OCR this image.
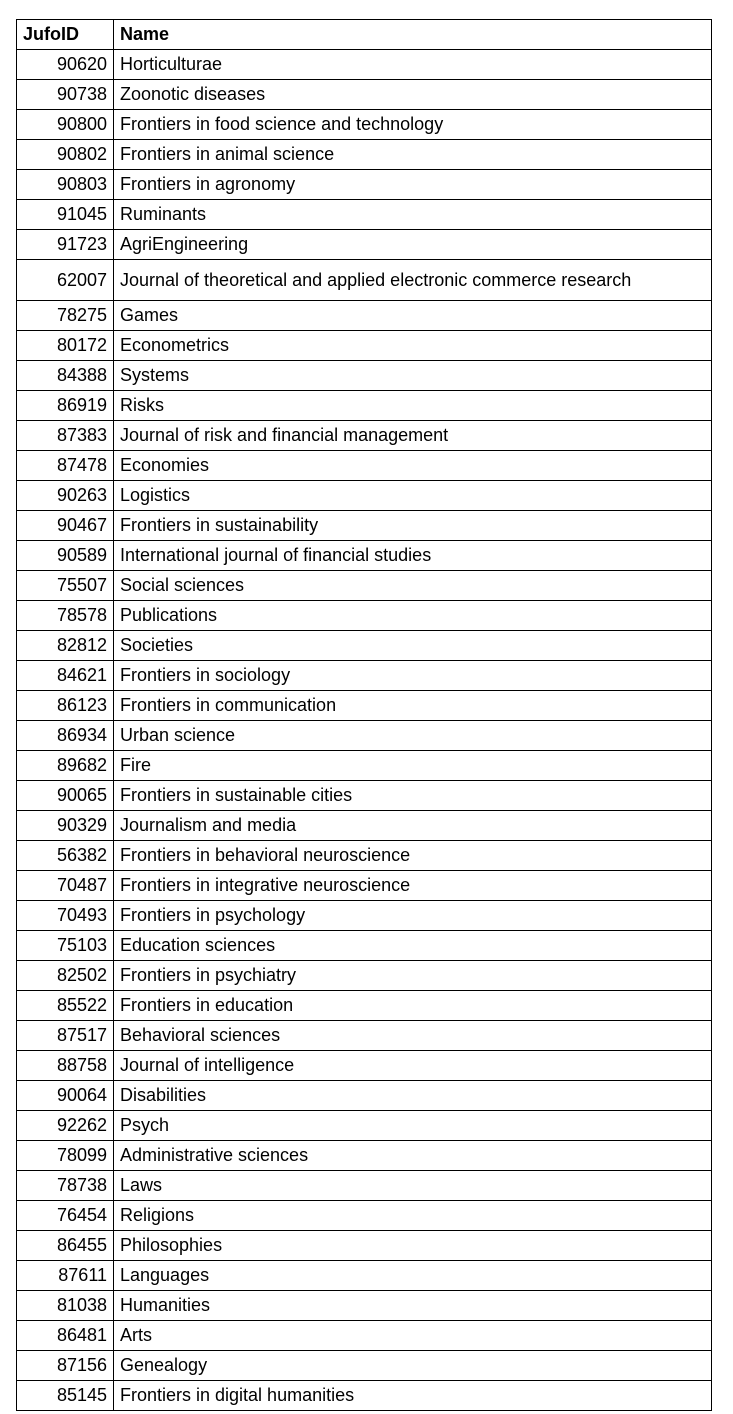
JufoID	Name
90620	Horticulturae
90738	Zoonotic diseases
90800	Frontiers in food science and technology
90802	Frontiers in animal science
90803	Frontiers in agronomy
91045	Ruminants
91723	AgriEngineering
62007	Journal of theoretical and applied electronic commerce research
78275	Games
80172	Econometrics
84388	Systems
86919	Risks
87383	Journal of risk and financial management
87478	Economies
90263	Logistics
90467	Frontiers in sustainability
90589	International journal of financial studies
75507	Social sciences
78578	Publications
82812	Societies
84621	Frontiers in sociology
86123	Frontiers in communication
86934	Urban science
89682	Fire
90065	Frontiers in sustainable cities
90329	Journalism and media
56382	Frontiers in behavioral neuroscience
70487	Frontiers in integrative neuroscience
70493	Frontiers in psychology
75103	Education sciences
82502	Frontiers in psychiatry
85522	Frontiers in education
87517	Behavioral sciences
88758	Journal of intelligence
90064	Disabilities
92262	Psych
78099	Administrative sciences
78738	Laws
76454	Religions
86455	Philosophies
87611	Languages
81038	Humanities
86481	Arts
87156	Genealogy
85145	Frontiers in digital humanities
